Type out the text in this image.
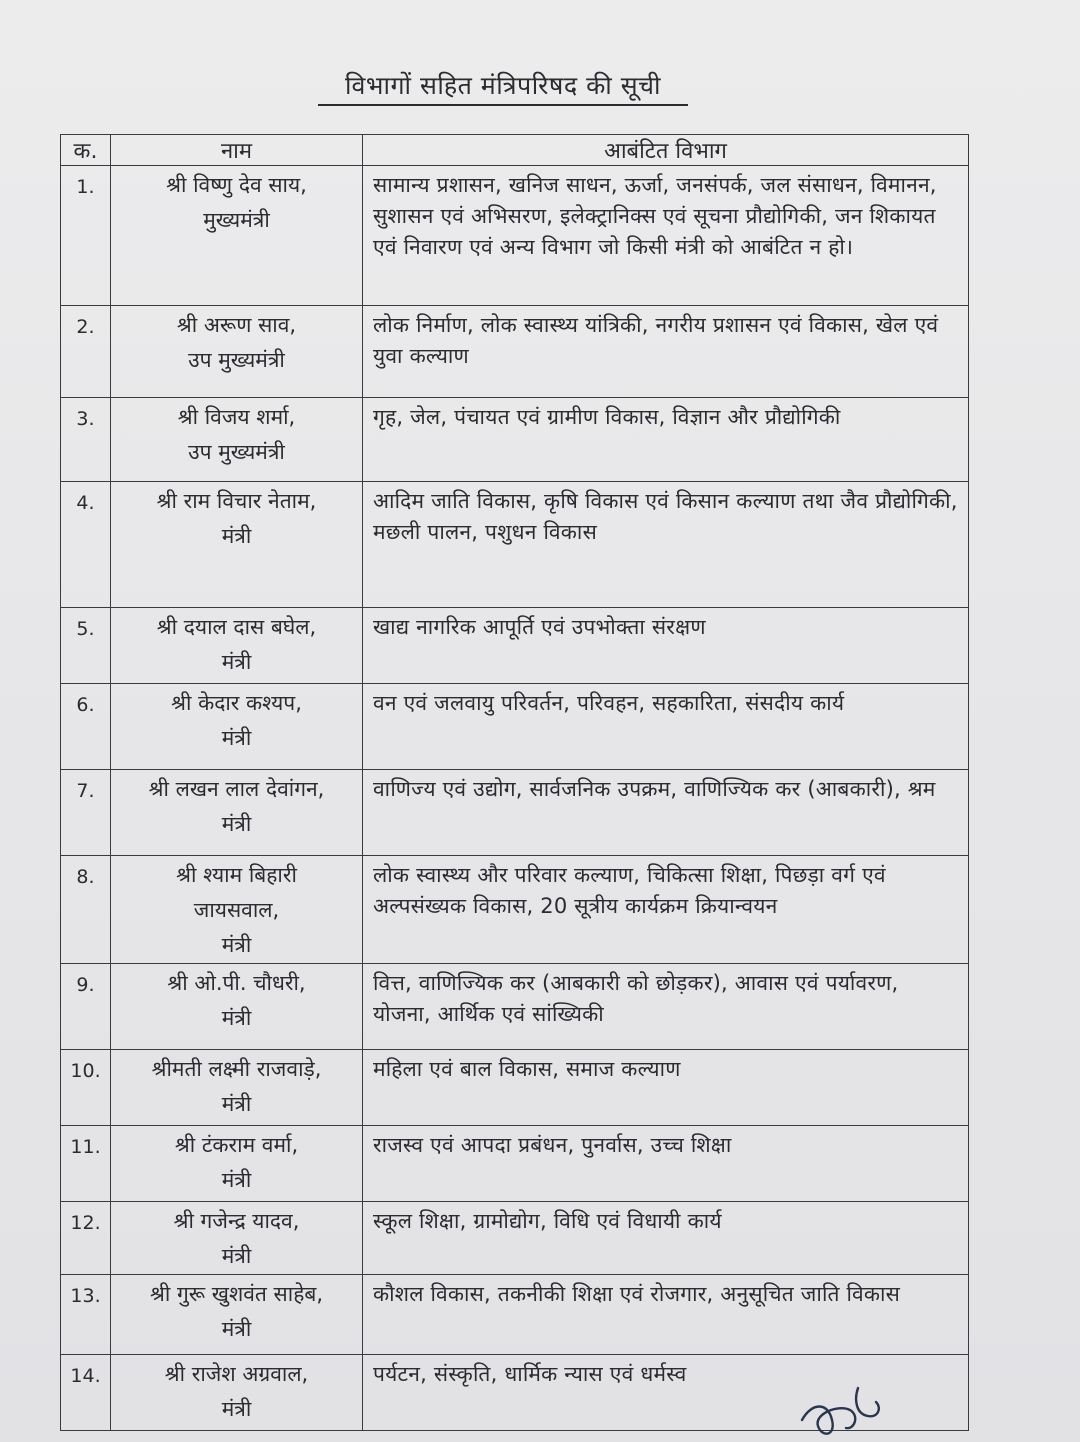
विभागों सहित मंत्रिपरिषद की सूची
क.	नाम	आबंटित विभाग
1.	श्री विष्णु देव साय,
मुख्यमंत्री	सामान्य प्रशासन, खनिज साधन, ऊर्जा, जनसंपर्क, जल संसाधन, विमानन, सुशासन एवं अभिसरण, इलेक्ट्रानिक्स एवं सूचना प्रौद्योगिकी, जन शिकायत एवं निवारण एवं अन्य विभाग जो किसी मंत्री को आबंटित न हो।
2.	श्री अरूण साव,
उप मुख्यमंत्री	लोक निर्माण, लोक स्वास्थ्य यांत्रिकी, नगरीय प्रशासन एवं विकास, खेल एवं युवा कल्याण
3.	श्री विजय शर्मा,
उप मुख्यमंत्री	गृह, जेल, पंचायत एवं ग्रामीण विकास, विज्ञान और प्रौद्योगिकी
4.	श्री राम विचार नेताम,
मंत्री	आदिम जाति विकास, कृषि विकास एवं किसान कल्याण तथा जैव प्रौद्योगिकी, मछली पालन, पशुधन विकास
5.	श्री दयाल दास बघेल,
मंत्री	खाद्य नागरिक आपूर्ति एवं उपभोक्ता संरक्षण
6.	श्री केदार कश्यप,
मंत्री	वन एवं जलवायु परिवर्तन, परिवहन, सहकारिता, संसदीय कार्य
7.	श्री लखन लाल देवांगन,
मंत्री	वाणिज्य एवं उद्योग, सार्वजनिक उपक्रम, वाणिज्यिक कर (आबकारी), श्रम
8.	श्री श्याम बिहारी
जायसवाल,
मंत्री	लोक स्वास्थ्य और परिवार कल्याण, चिकित्सा शिक्षा, पिछड़ा वर्ग एवं अल्पसंख्यक विकास, 20 सूत्रीय कार्यक्रम क्रियान्वयन
9.	श्री ओ.पी. चौधरी,
मंत्री	वित्त, वाणिज्यिक कर (आबकारी को छोड़कर), आवास एवं पर्यावरण, योजना, आर्थिक एवं सांख्यिकी
10.	श्रीमती लक्ष्मी राजवाड़े,
मंत्री	महिला एवं बाल विकास, समाज कल्याण
11.	श्री टंकराम वर्मा,
मंत्री	राजस्व एवं आपदा प्रबंधन, पुनर्वास, उच्च शिक्षा
12.	श्री गजेन्द्र यादव,
मंत्री	स्कूल शिक्षा, ग्रामोद्योग, विधि एवं विधायी कार्य
13.	श्री गुरू खुशवंत साहेब,
मंत्री	कौशल विकास, तकनीकी शिक्षा एवं रोजगार, अनुसूचित जाति विकास
14.	श्री राजेश अग्रवाल,
मंत्री	पर्यटन, संस्कृति, धार्मिक न्यास एवं धर्मस्व
